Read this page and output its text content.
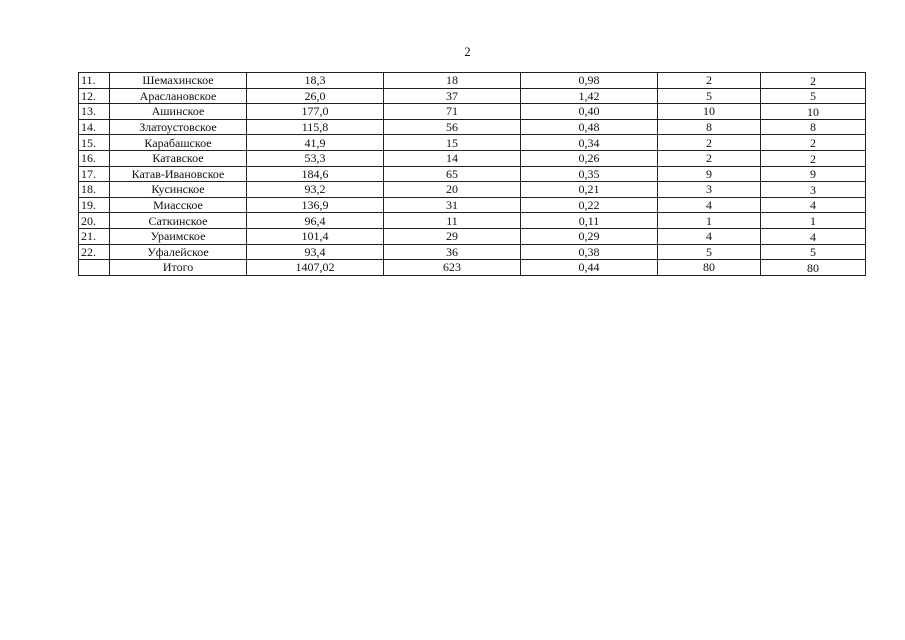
2
11.	Шемахинское	18,3	18	0,98	2	2
12.	Араслановское	26,0	37	1,42	5	5
13.	Ашинское	177,0	71	0,40	10	10
14.	Златоустовское	115,8	56	0,48	8	8
15.	Карабашское	41,9	15	0,34	2	2
16.	Катавское	53,3	14	0,26	2	2
17.	Катав-Ивановское	184,6	65	0,35	9	9
18.	Кусинское	93,2	20	0,21	3	3
19.	Миасское	136,9	31	0,22	4	4
20.	Саткинское	96,4	11	0,11	1	1
21.	Ураимское	101,4	29	0,29	4	4
22.	Уфалейское	93,4	36	0,38	5	5
	Итого	1407,02	623	0,44	80	80
